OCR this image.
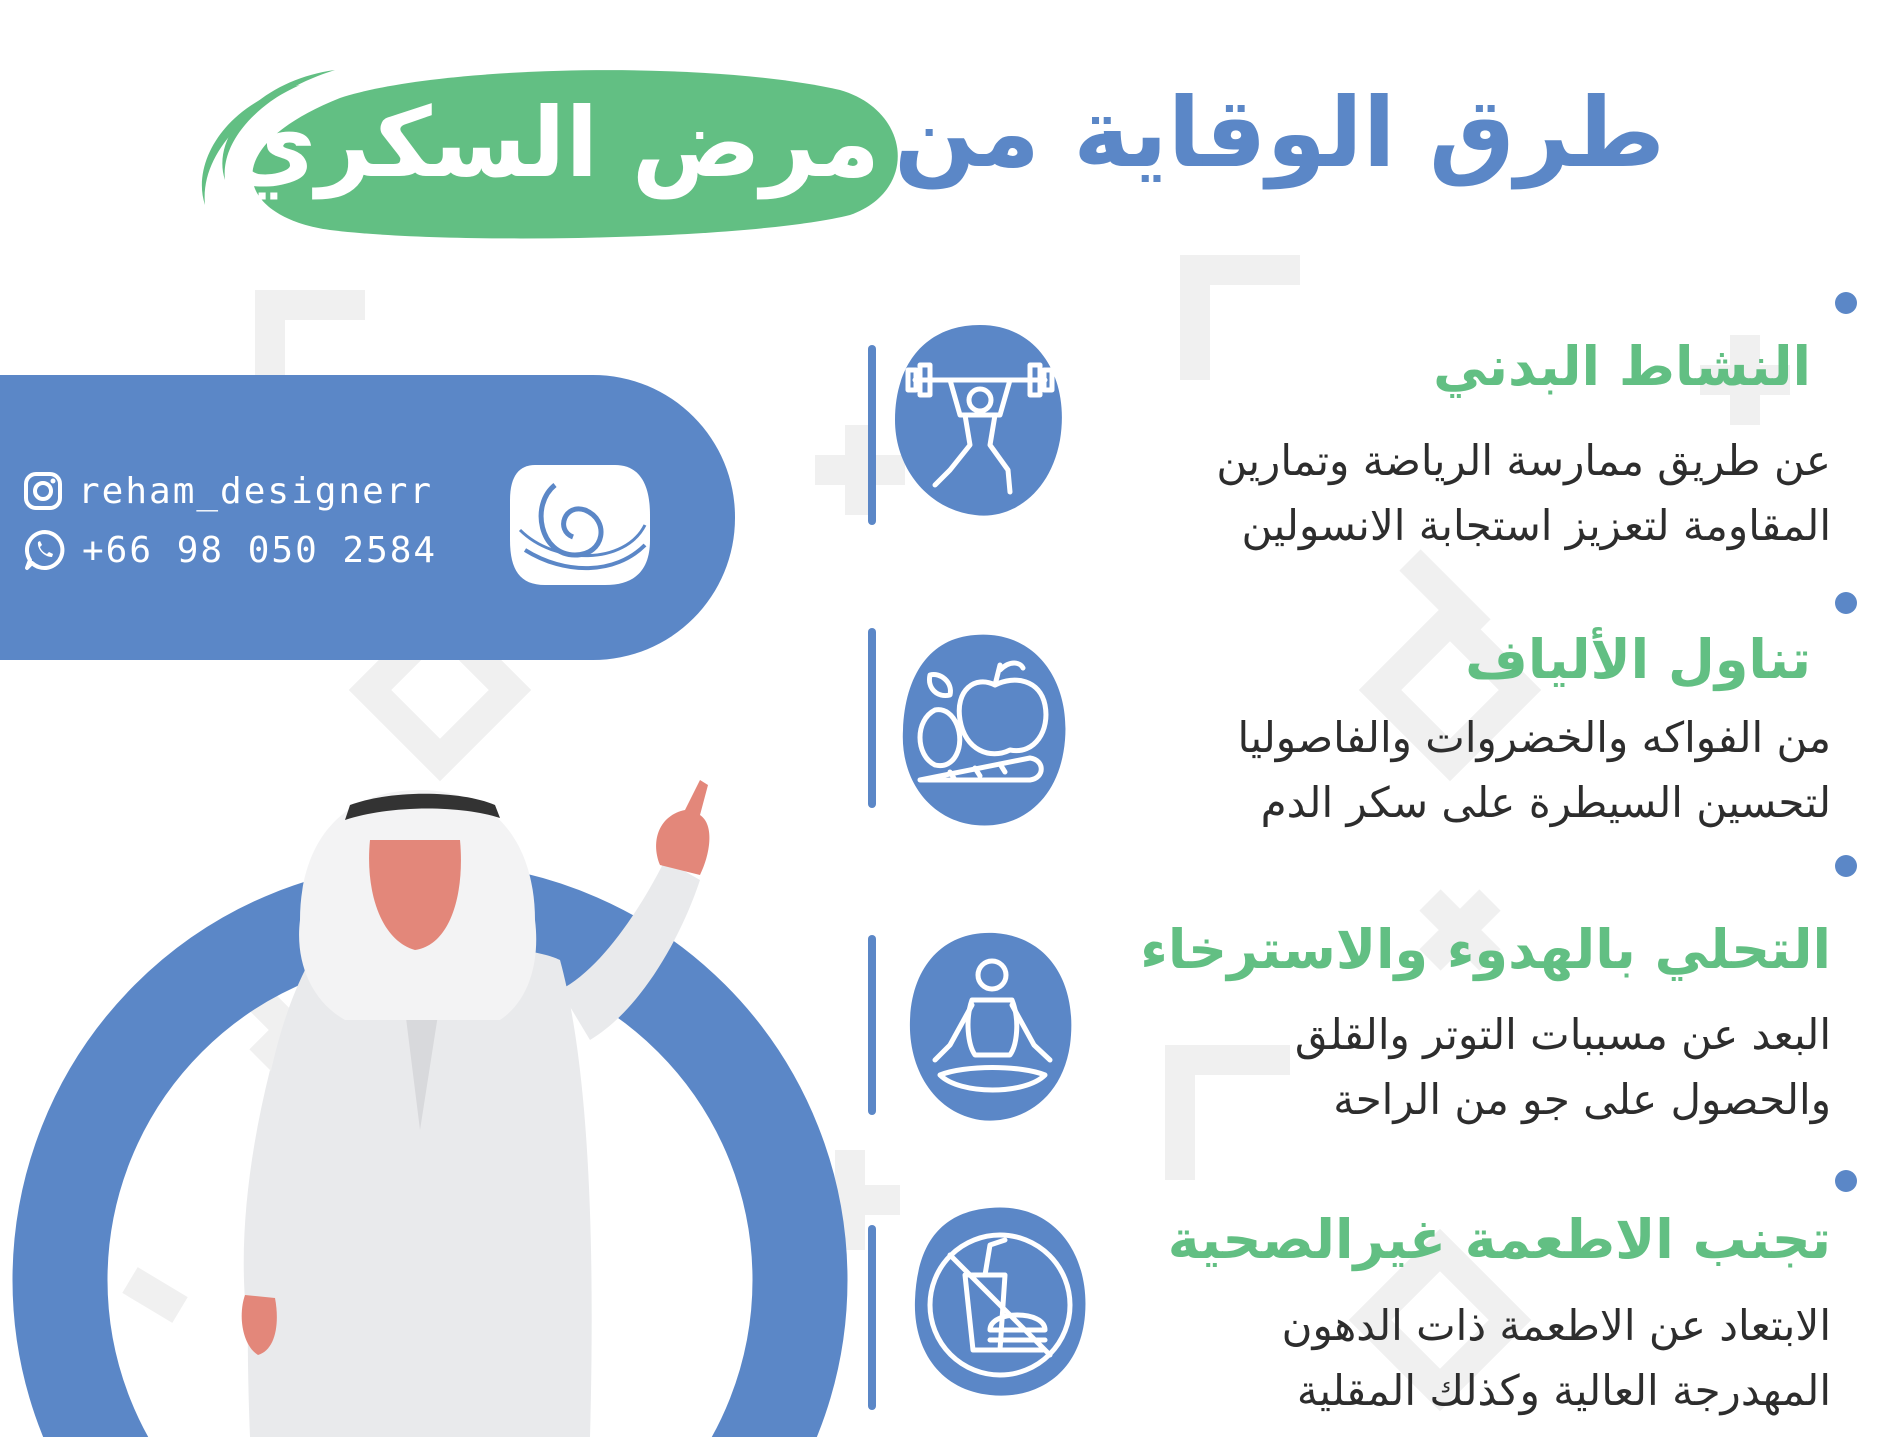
مرض السكري طرق الوقاية من
reham_designerr
+66 98 050 2584
النشاط البدني
عن طريق ممارسة الرياضة وتمارين
المقاومة لتعزيز استجابة الانسولين
تناول الألياف
من الفواكه والخضروات والفاصوليا
لتحسين السيطرة على سكر الدم
التحلي بالهدوء والاسترخاء
البعد عن مسببات التوتر والقلق
والحصول على جو من الراحة
تجنب الاطعمة غيرالصحية
الابتعاد عن الاطعمة ذات الدهون
المهدرجة العالية وكذلك المقلية
